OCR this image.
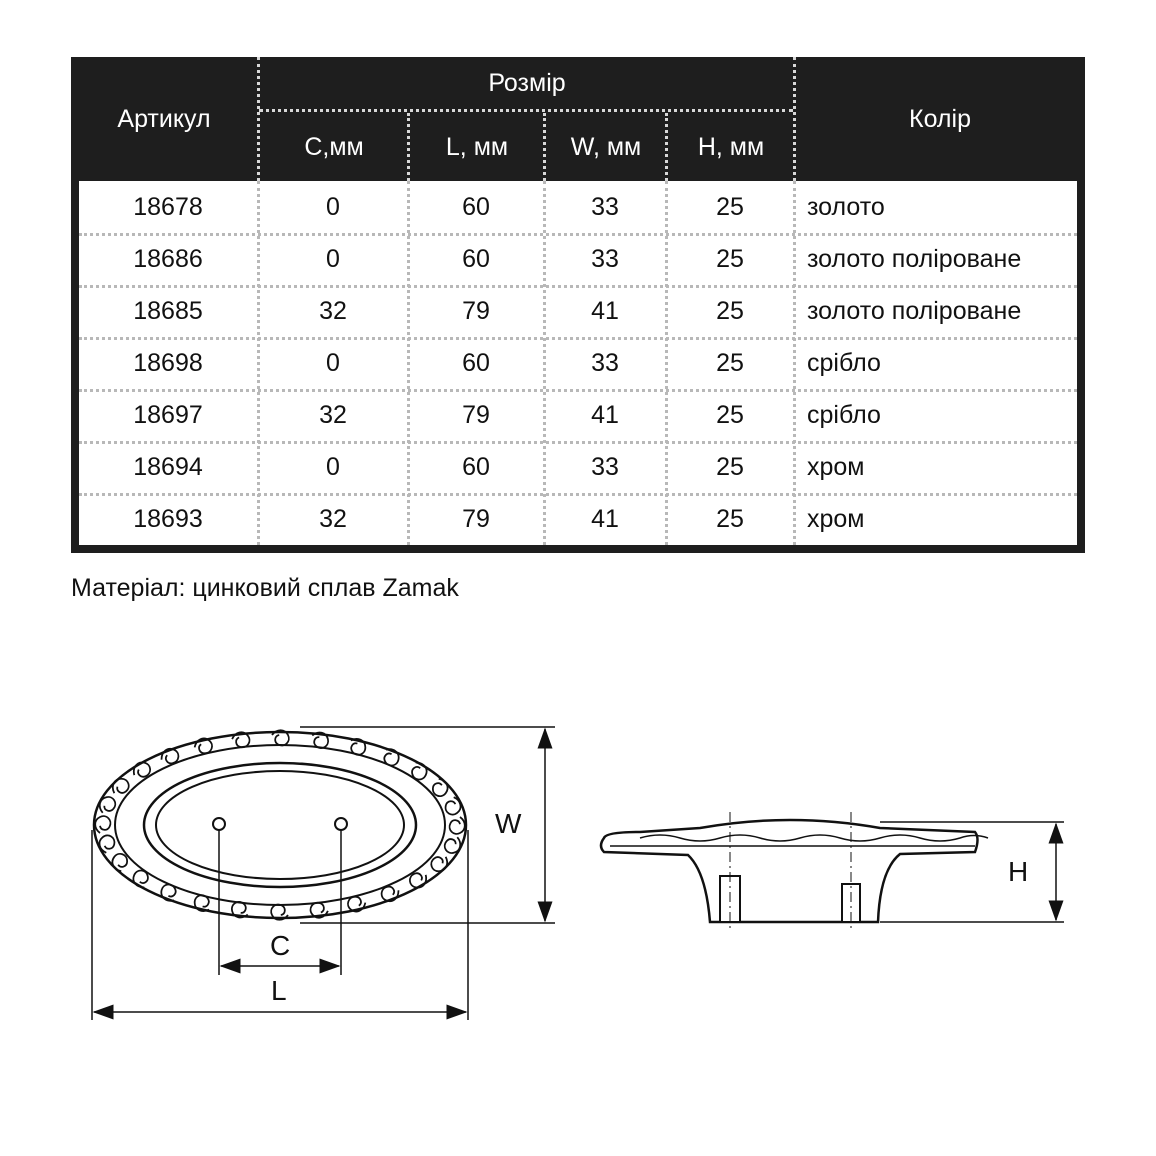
Артикул
Розмір
C,мм	L, мм	W, мм	H, мм
Колір
18678	0	60	33	25	золото
18686	0	60	33	25	золото поліроване
18685	32	79	41	25	золото поліроване
18698	0	60	33	25	срібло
18697	32	79	41	25	срібло
18694	0	60	33	25	хром
18693	32	79	41	25	хром
Матеріал: цинковий сплав Zamak
C
L
W
H
